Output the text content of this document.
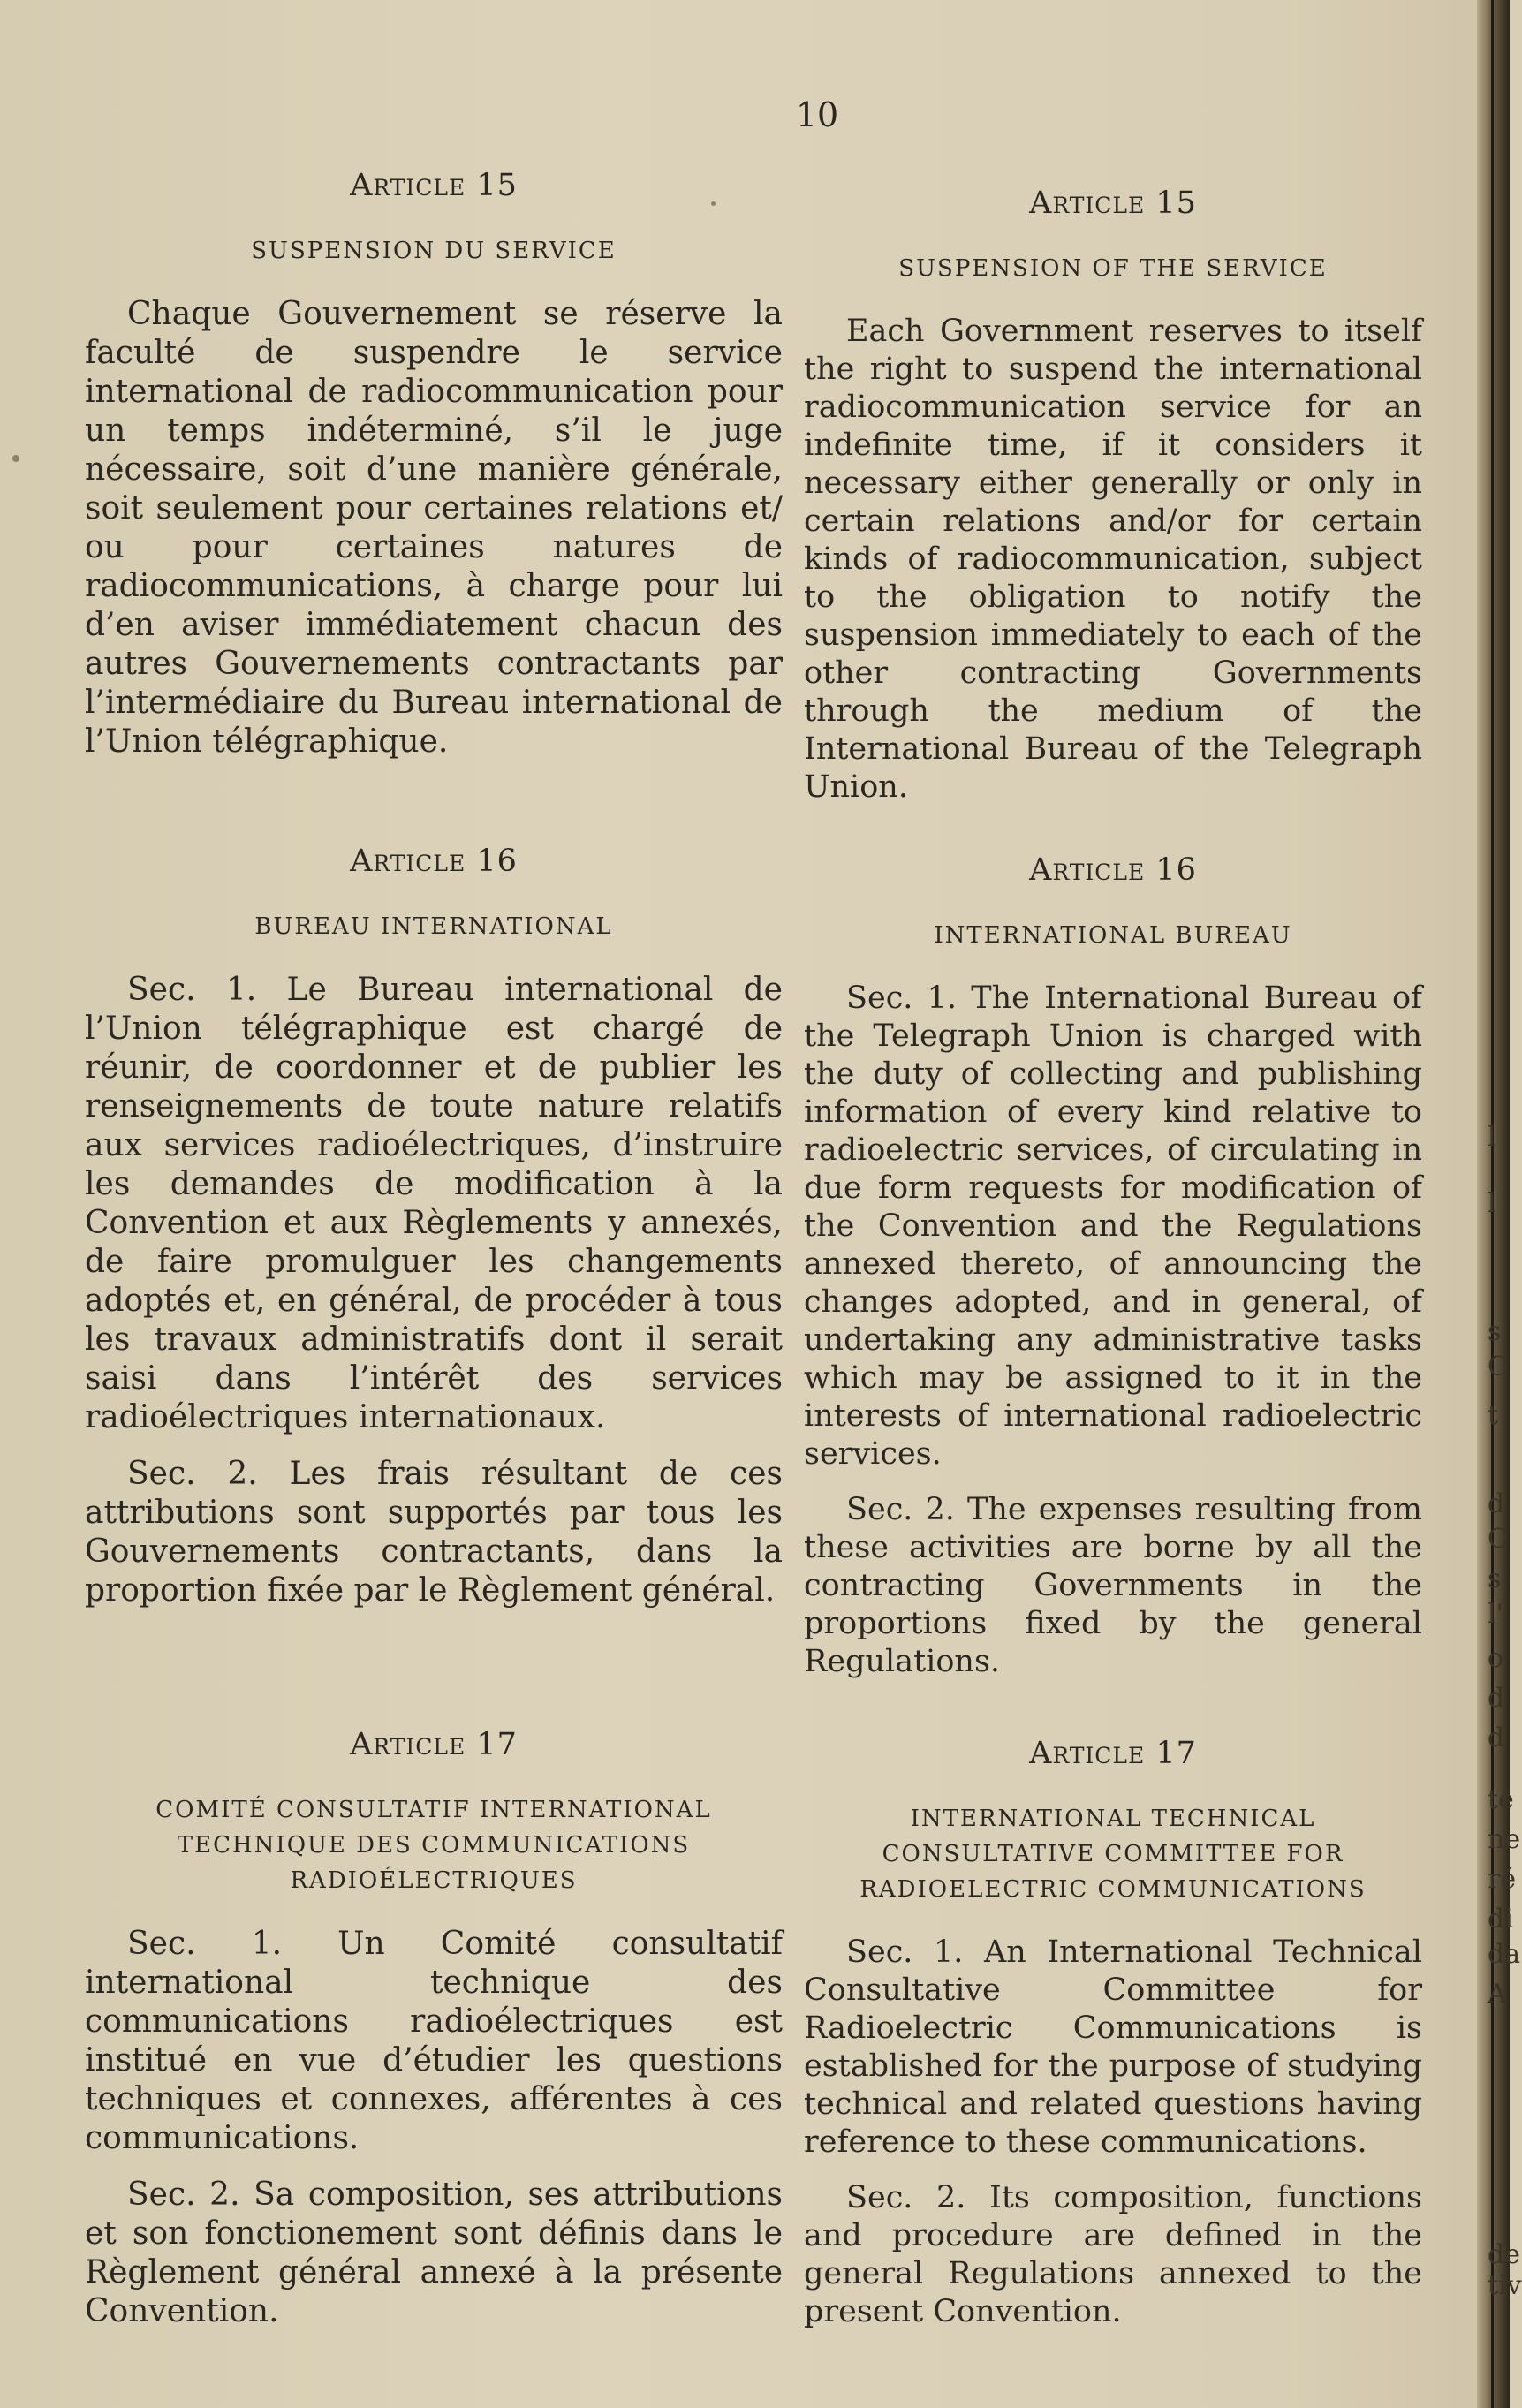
10
Article 15
SUSPENSION DU SERVICE

Chaque Gouvernement se réserve la faculté de suspendre le service international de radiocommunication pour un temps indéterminé, s’il le juge nécessaire, soit d’une manière générale, soit seulement pour certaines relations et/ ou pour certaines natures de radiocommunications, à charge pour lui d’en aviser immédiatement chacun des autres Gouvernements contractants par l’intermédiaire du Bureau international de l’Union télégraphique.

Article 16
BUREAU INTERNATIONAL

Sec. 1. Le Bureau international de l’Union télégraphique est chargé de réunir, de coordonner et de publier les renseignements de toute nature relatifs aux services radioélectriques, d’instruire les demandes de modification à la Convention et aux Règlements y annexés, de faire promulguer les changements adoptés et, en général, de procéder à tous les travaux administratifs dont il serait saisi dans l’intérêt des services radioélectriques internationaux.

Sec. 2. Les frais résultant de ces attributions sont supportés par tous les Gouvernements contractants, dans la proportion fixée par le Règlement général.

Article 17
COMITÉ CONSULTATIF INTERNATIONAL TECHNIQUE DES COMMUNICATIONS RADIOÉLECTRIQUES

Sec. 1. Un Comité consultatif international technique des communications radioélectriques est institué en vue d’étudier les questions techniques et connexes, afférentes à ces communications.

Sec. 2. Sa composition, ses attributions et son fonctionement sont définis dans le Règlement général annexé à la présente Convention.

Article 15
SUSPENSION OF THE SERVICE

Each Government reserves to itself the right to suspend the international radiocommunication service for an indefinite time, if it considers it necessary either generally or only in certain relations and/or for certain kinds of radiocommunication, subject to the obligation to notify the suspension immediately to each of the other contracting Governments through the medium of the International Bureau of the Telegraph Union.

Article 16
INTERNATIONAL BUREAU

Sec. 1. The International Bureau of the Telegraph Union is charged with the duty of collecting and publishing information of every kind relative to radioelectric services, of circulating in due form requests for modification of the Convention and the Regulations annexed thereto, of announcing the changes adopted, and in general, of undertaking any administrative tasks which may be assigned to it in the interests of international radioelectric services.

Sec. 2. The expenses resulting from these activities are borne by all the contracting Governments in the proportions fixed by the general Regulations.

Article 17
INTERNATIONAL TECHNICAL CONSULTATIVE COMMITTEE FOR RADIOELECTRIC COMMUNICATIONS

Sec. 1. An International Technical Consultative Committee for Radioelectric Communications is established for the purpose of studying technical and related questions having reference to these communications.

Sec. 2. Its composition, functions and procedure are defined in the general Regulations annexed to the present Convention.

l
l
s
C
t
d
C
s
l'
o
d
d
te
ne
ré
di
da
A
de
tiv
